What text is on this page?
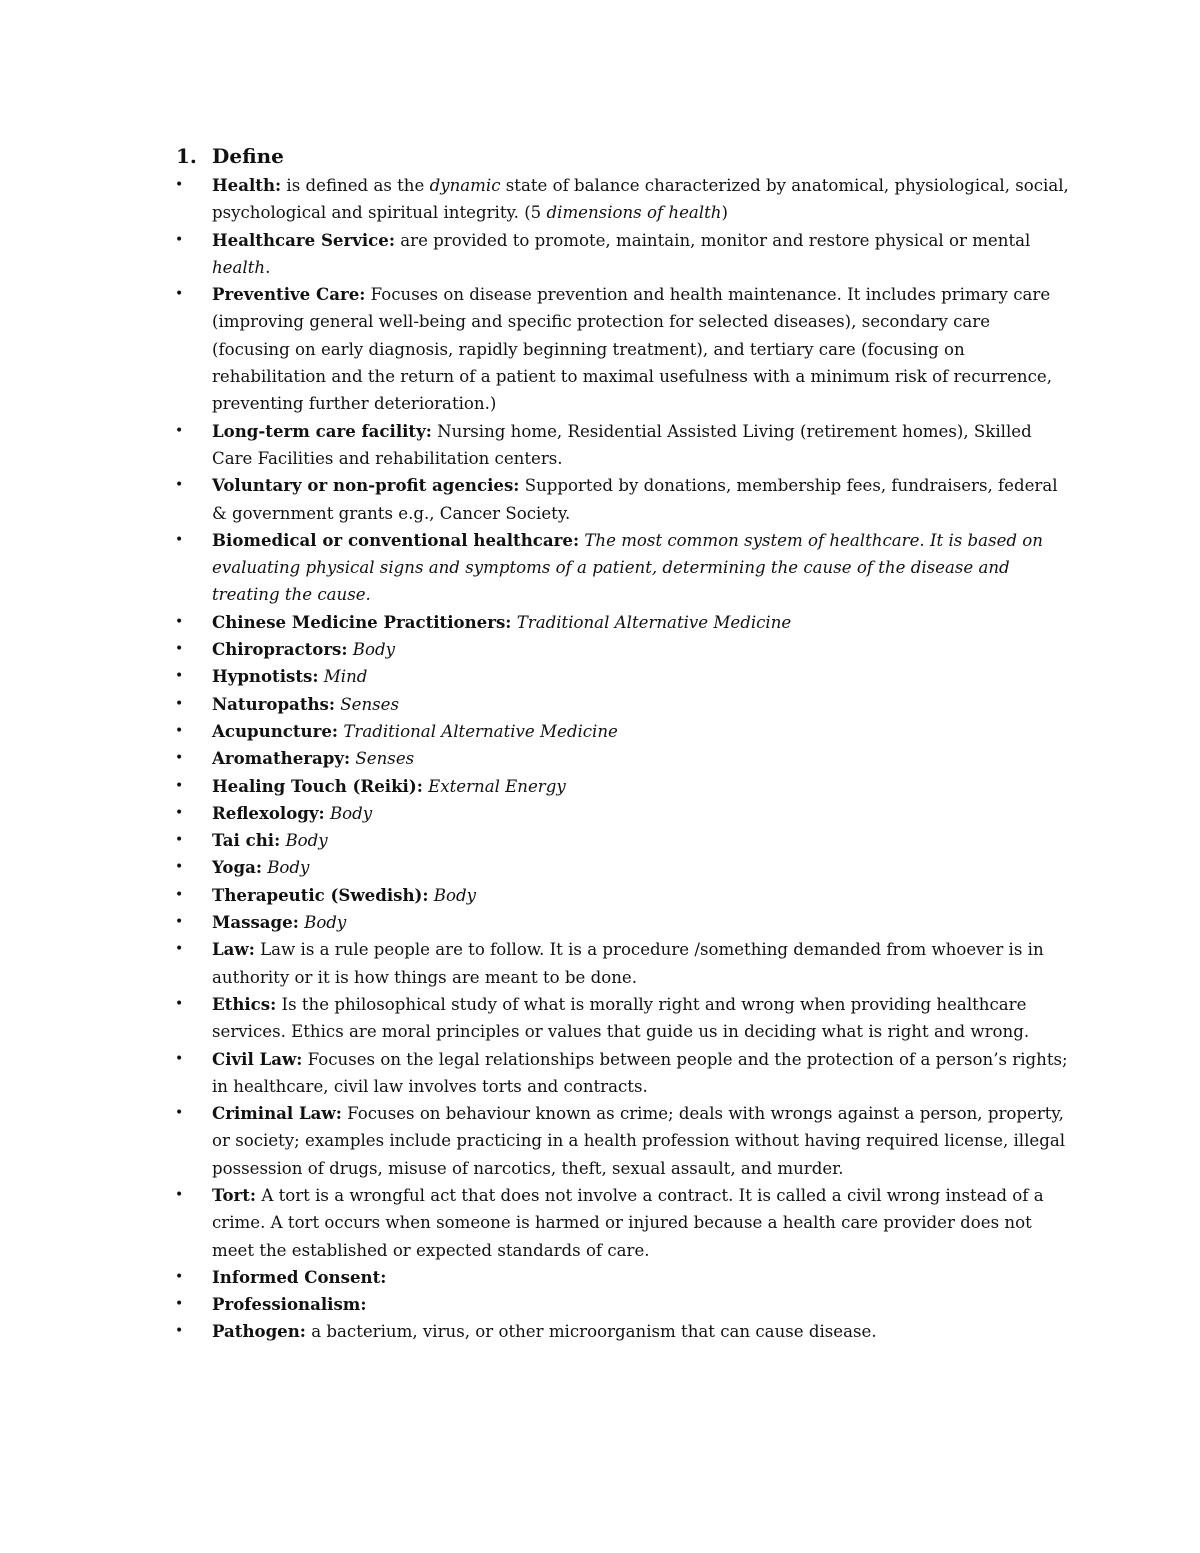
1. Define
• Health: is defined as the dynamic state of balance characterized by anatomical, physiological, social, psychological and spiritual integrity. (5 dimensions of health)
• Healthcare Service: are provided to promote, maintain, monitor and restore physical or mental health.
• Preventive Care: Focuses on disease prevention and health maintenance. It includes primary care (improving general well-being and specific protection for selected diseases), secondary care (focusing on early diagnosis, rapidly beginning treatment), and tertiary care (focusing on rehabilitation and the return of a patient to maximal usefulness with a minimum risk of recurrence, preventing further deterioration.)
• Long-term care facility: Nursing home, Residential Assisted Living (retirement homes), Skilled Care Facilities and rehabilitation centers.
• Voluntary or non-profit agencies: Supported by donations, membership fees, fundraisers, federal & government grants e.g., Cancer Society.
• Biomedical or conventional healthcare: The most common system of healthcare. It is based on evaluating physical signs and symptoms of a patient, determining the cause of the disease and treating the cause.
• Chinese Medicine Practitioners: Traditional Alternative Medicine
• Chiropractors: Body
• Hypnotists: Mind
• Naturopaths: Senses
• Acupuncture: Traditional Alternative Medicine
• Aromatherapy: Senses
• Healing Touch (Reiki): External Energy
• Reflexology: Body
• Tai chi: Body
• Yoga: Body
• Therapeutic (Swedish): Body
• Massage: Body
• Law: Law is a rule people are to follow. It is a procedure /something demanded from whoever is in authority or it is how things are meant to be done.
• Ethics: Is the philosophical study of what is morally right and wrong when providing healthcare services. Ethics are moral principles or values that guide us in deciding what is right and wrong.
• Civil Law: Focuses on the legal relationships between people and the protection of a person’s rights; in healthcare, civil law involves torts and contracts.
• Criminal Law: Focuses on behaviour known as crime; deals with wrongs against a person, property, or society; examples include practicing in a health profession without having required license, illegal possession of drugs, misuse of narcotics, theft, sexual assault, and murder.
• Tort: A tort is a wrongful act that does not involve a contract. It is called a civil wrong instead of a crime. A tort occurs when someone is harmed or injured because a health care provider does not meet the established or expected standards of care.
• Informed Consent:
• Professionalism:
• Pathogen: a bacterium, virus, or other microorganism that can cause disease.
